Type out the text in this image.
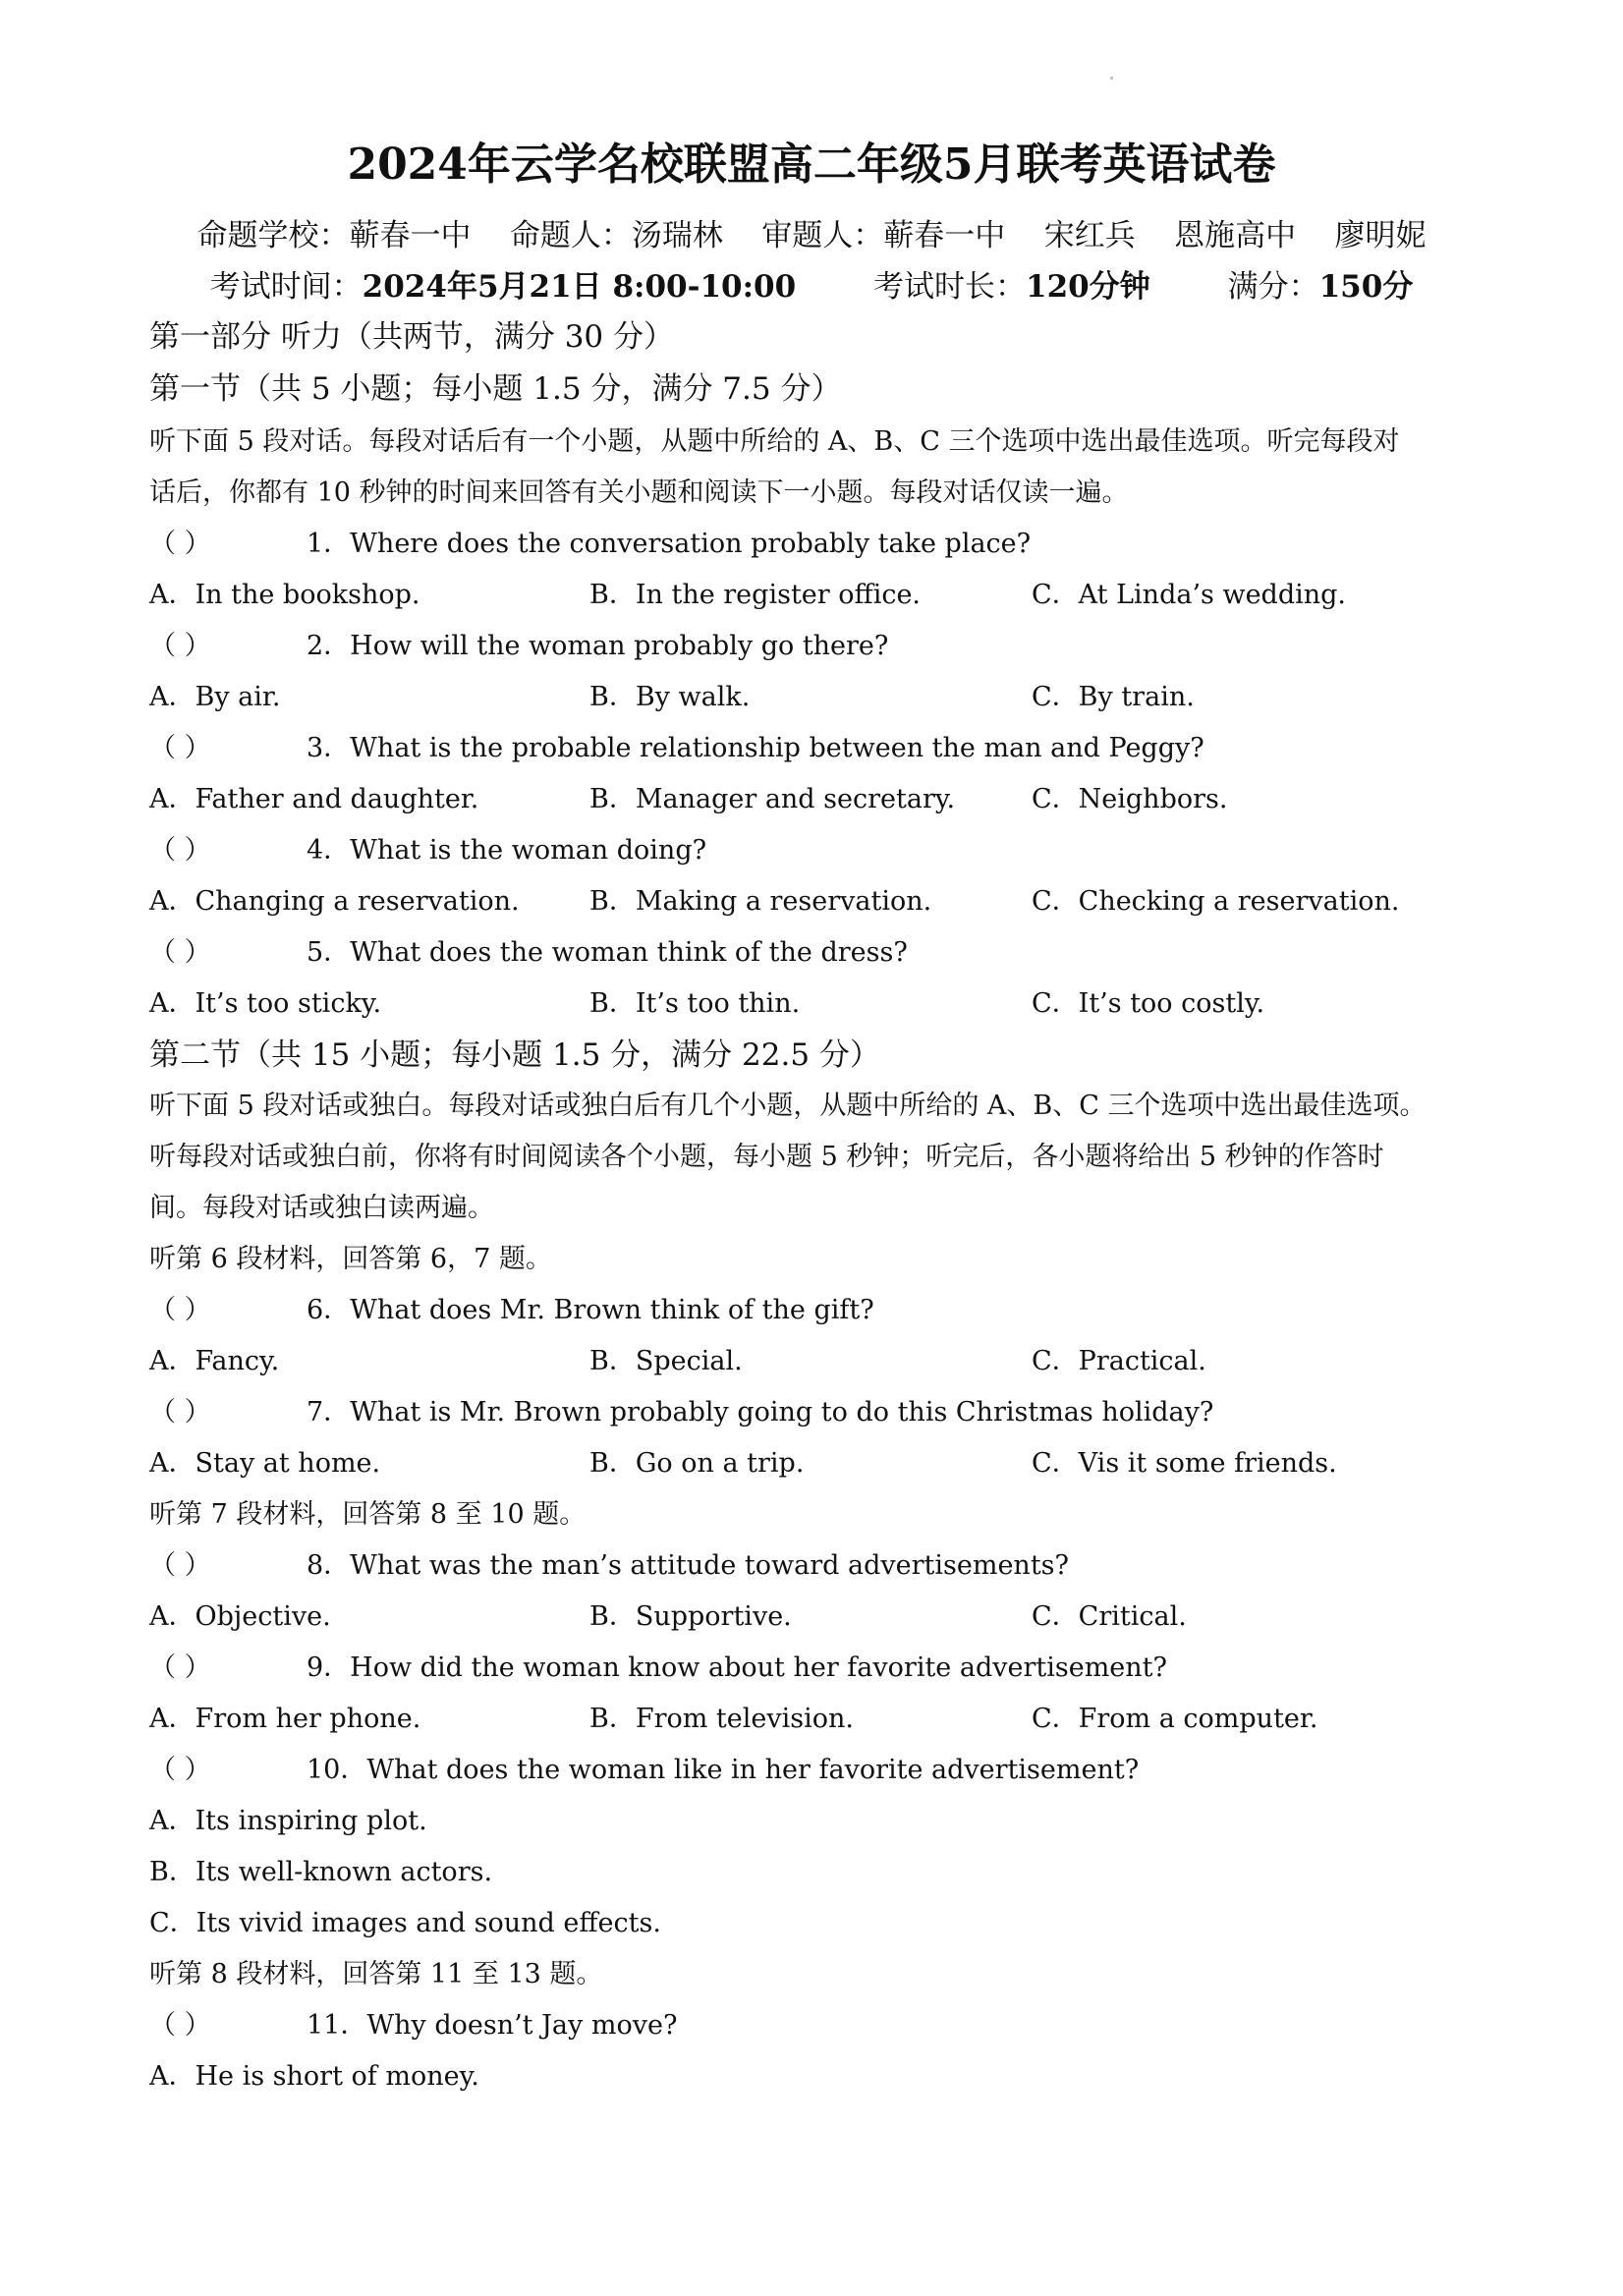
2024年云学名校联盟高二年级5月联考英语试卷
命题学校：蕲春一中    命题人：汤瑞林    审题人：蕲春一中    宋红兵    恩施高中    廖明妮
考试时间：2024年5月21日 8:00-10:00	考试时长：120分钟	满分：150分
第一部分 听力（共两节，满分 30 分）
第一节（共 5 小题；每小题 1.5 分，满分 7.5 分）
听下面 5 段对话。每段对话后有一个小题，从题中所给的 A、B、C 三个选项中选出最佳选项。听完每段对
话后，你都有 10 秒钟的时间来回答有关小题和阅读下一小题。每段对话仅读一遍。
（ ）	1．Where does the conversation probably take place?
A．In the bookshop.	B．In the register office.	C．At Linda’s wedding.
（ ）	2．How will the woman probably go there?
A．By air.	B．By walk.	C．By train.
（ ）	3．What is the probable relationship between the man and Peggy?
A．Father and daughter.	B．Manager and secretary.	C．Neighbors.
（ ）	4．What is the woman doing?
A．Changing a reservation.	B．Making a reservation.	C．Checking a reservation.
（ ）	5．What does the woman think of the dress?
A．It’s too sticky.	B．It’s too thin.	C．It’s too costly.
第二节（共 15 小题；每小题 1.5 分，满分 22.5 分）
听下面 5 段对话或独白。每段对话或独白后有几个小题，从题中所给的 A、B、C 三个选项中选出最佳选项。
听每段对话或独白前，你将有时间阅读各个小题，每小题 5 秒钟；听完后，各小题将给出 5 秒钟的作答时
间。每段对话或独白读两遍。
听第 6 段材料，回答第 6，7 题。
（ ）	6．What does Mr. Brown think of the gift?
A．Fancy.	B．Special.	C．Practical.
（ ）	7．What is Mr. Brown probably going to do this Christmas holiday?
A．Stay at home.	B．Go on a trip.	C．Vis it some friends.
听第 7 段材料，回答第 8 至 10 题。
（ ）	8．What was the man’s attitude toward advertisements?
A．Objective.	B．Supportive.	C．Critical.
（ ）	9．How did the woman know about her favorite advertisement?
A．From her phone.	B．From television.	C．From a computer.
（ ）	10．What does the woman like in her favorite advertisement?
A．Its inspiring plot.
B．Its well-known actors.
C．Its vivid images and sound effects.
听第 8 段材料，回答第 11 至 13 题。
（ ）	11．Why doesn’t Jay move?
A．He is short of money.
